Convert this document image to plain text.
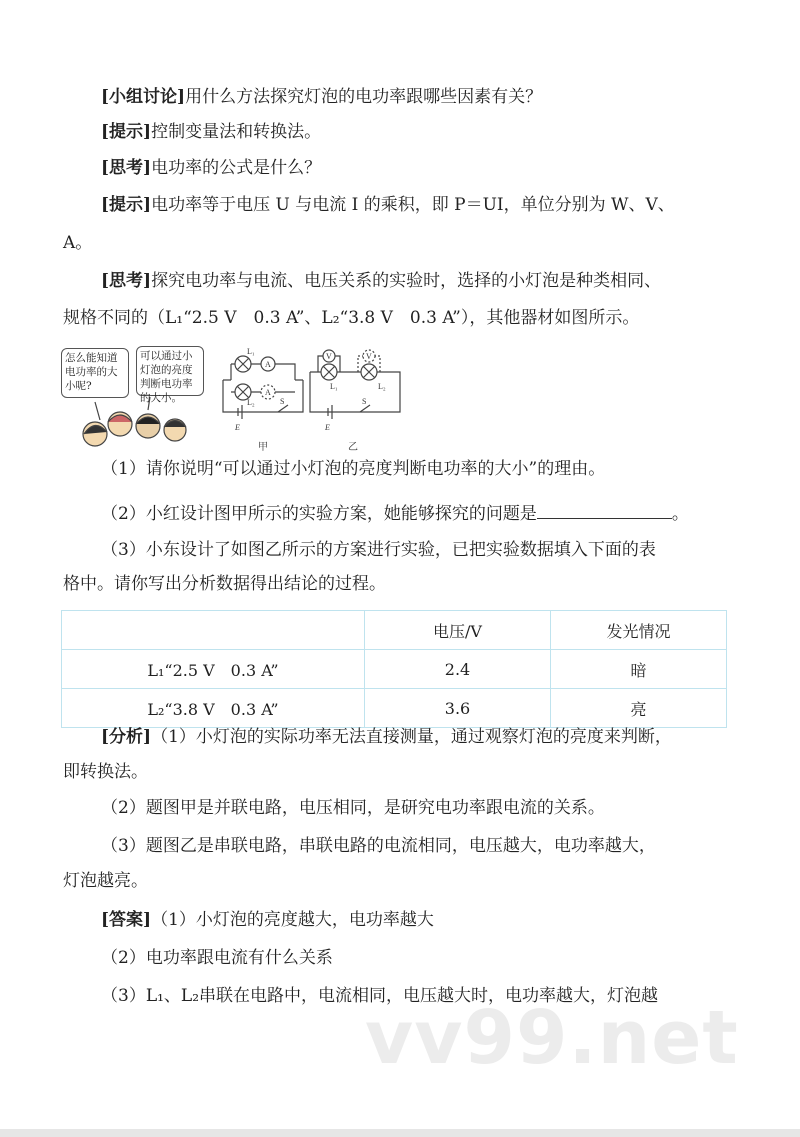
[小组讨论]用什么方法探究灯泡的电功率跟哪些因素有关？
[提示]控制变量法和转换法。
[思考]电功率的公式是什么？
[提示]电功率等于电压 U 与电流 I 的乘积，即 P＝UI，单位分别为 W、V、
A。
[思考]探究电功率与电流、电压关系的实验时，选择的小灯泡是种类相同、
规格不同的（L₁“2.5 V　0.3 A”、L₂“3.8 V　0.3 A”），其他器材如图所示。
A
A
V	V
L₁
L₂
L₁	L₂
S	S
E	E
甲	乙
怎么能知道电功率的大小呢?
可以通过小灯泡的亮度判断电功率的大小。
（1）请你说明“可以通过小灯泡的亮度判断电功率的大小”的理由。
（2）小红设计图甲所示的实验方案，她能够探究的问题是	。
（3）小东设计了如图乙所示的方案进行实验，已把实验数据填入下面的表
格中。请你写出分析数据得出结论的过程。
	电压/V	发光情况
L₁“2.5 V　0.3 A”	2.4	暗
L₂“3.8 V　0.3 A”	3.6	亮
[分析]（1）小灯泡的实际功率无法直接测量，通过观察灯泡的亮度来判断，
即转换法。
（2）题图甲是并联电路，电压相同，是研究电功率跟电流的关系。
（3）题图乙是串联电路，串联电路的电流相同，电压越大，电功率越大，
灯泡越亮。
[答案]（1）小灯泡的亮度越大，电功率越大
（2）电功率跟电流有什么关系
（3）L₁、L₂串联在电路中，电流相同，电压越大时，电功率越大，灯泡越
vv99.net
